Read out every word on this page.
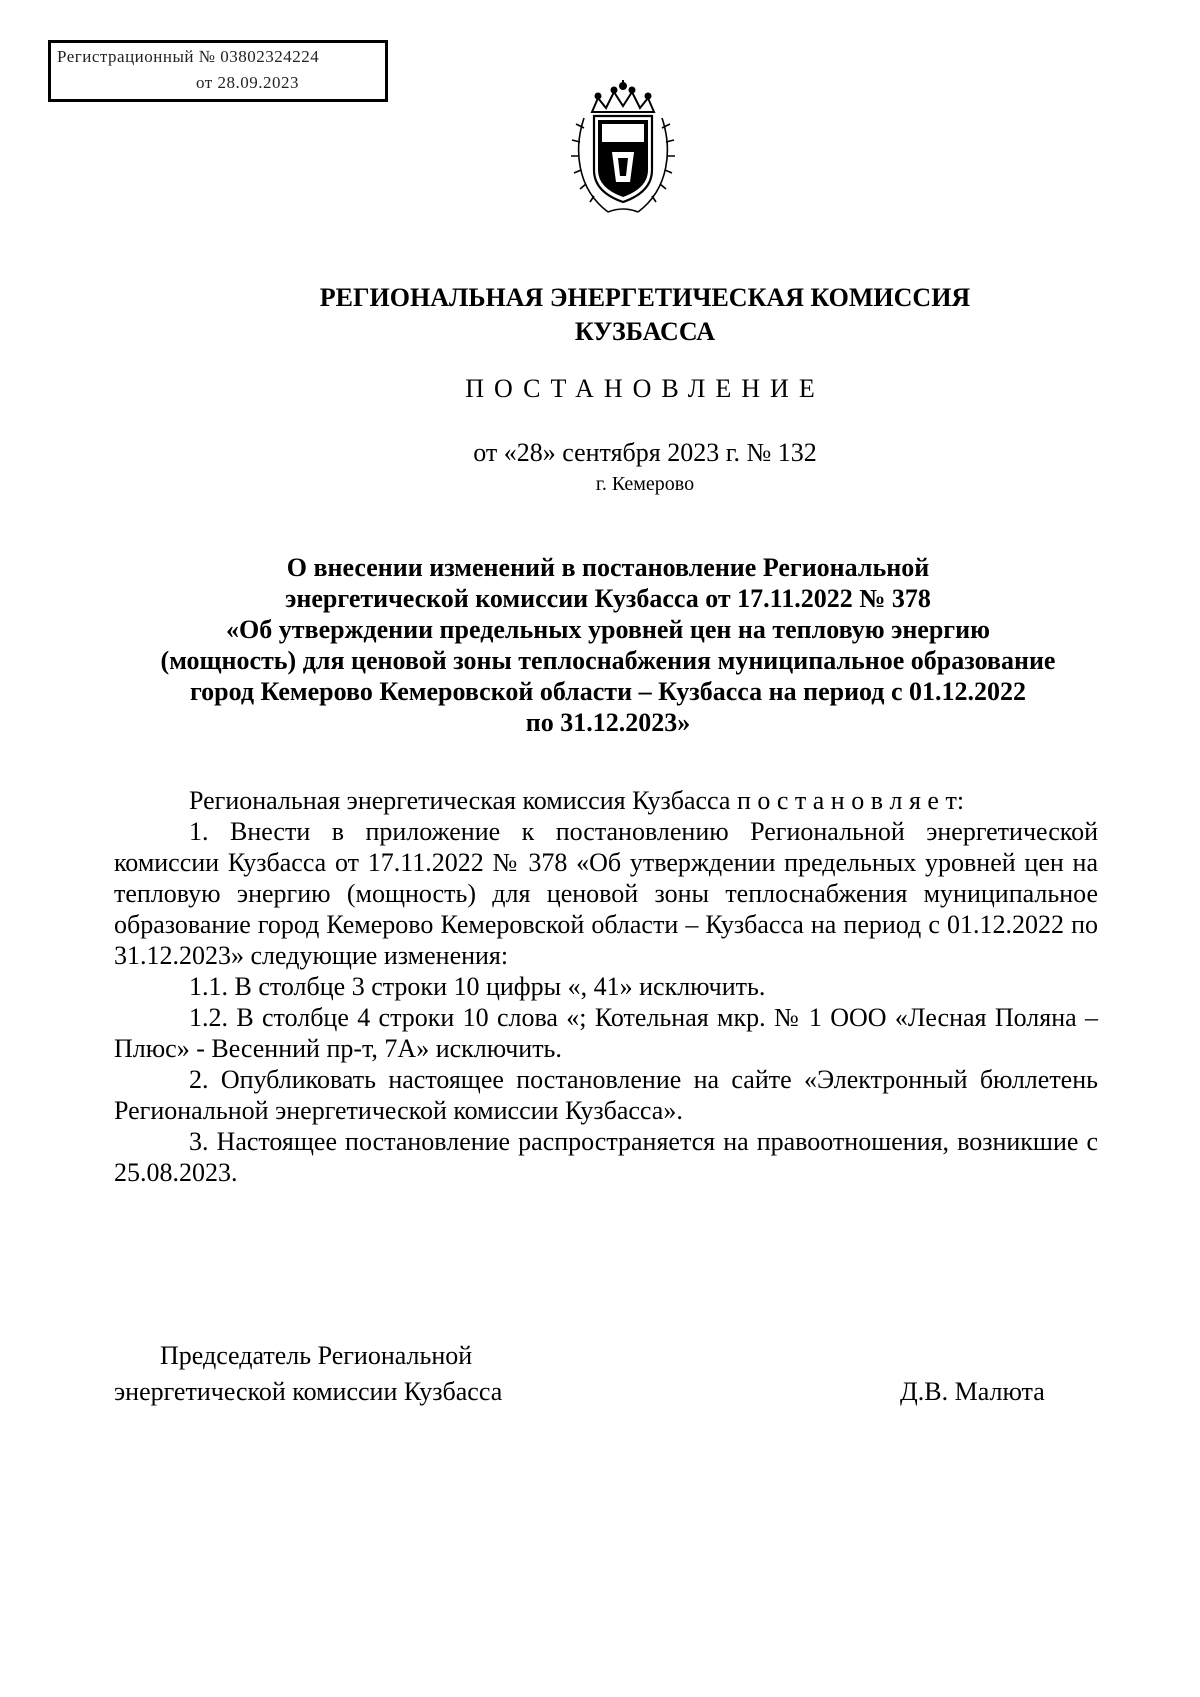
Регистрационный № 03802324224
от 28.09.2023
РЕГИОНАЛЬНАЯ ЭНЕРГЕТИЧЕСКАЯ КОМИССИЯ
КУЗБАССА
ПОСТАНОВЛЕНИЕ
от «28» сентября 2023 г. № 132
г. Кемерово
О внесении изменений в постановление Региональной
энергетической комиссии Кузбасса от 17.11.2022 № 378
«Об утверждении предельных уровней цен на тепловую энергию
(мощность) для ценовой зоны теплоснабжения муниципальное образование
город Кемерово Кемеровской области – Кузбасса на период с 01.12.2022
по 31.12.2023»

Региональная энергетическая комиссия Кузбасса п о с т а н о в л я е т:

1. Внести в приложение к постановлению Региональной энергетической комиссии Кузбасса от 17.11.2022 № 378 «Об утверждении предельных уровней цен на тепловую энергию (мощность) для ценовой зоны теплоснабжения муниципальное образование город Кемерово Кемеровской области – Кузбасса на период с 01.12.2022 по 31.12.2023» следующие изменения:

1.1. В столбце 3 строки 10 цифры «, 41» исключить.

1.2. В столбце 4 строки 10 слова «; Котельная мкр. № 1 ООО «Лесная Поляна – Плюс» - Весенний пр-т, 7А» исключить.

2. Опубликовать настоящее постановление на сайте «Электронный бюллетень Региональной энергетической комиссии Кузбасса».

3. Настоящее постановление распространяется на правоотношения, возникшие с 25.08.2023.

Председатель Региональной
энергетической комиссии Кузбасса	Д.В. Малюта
